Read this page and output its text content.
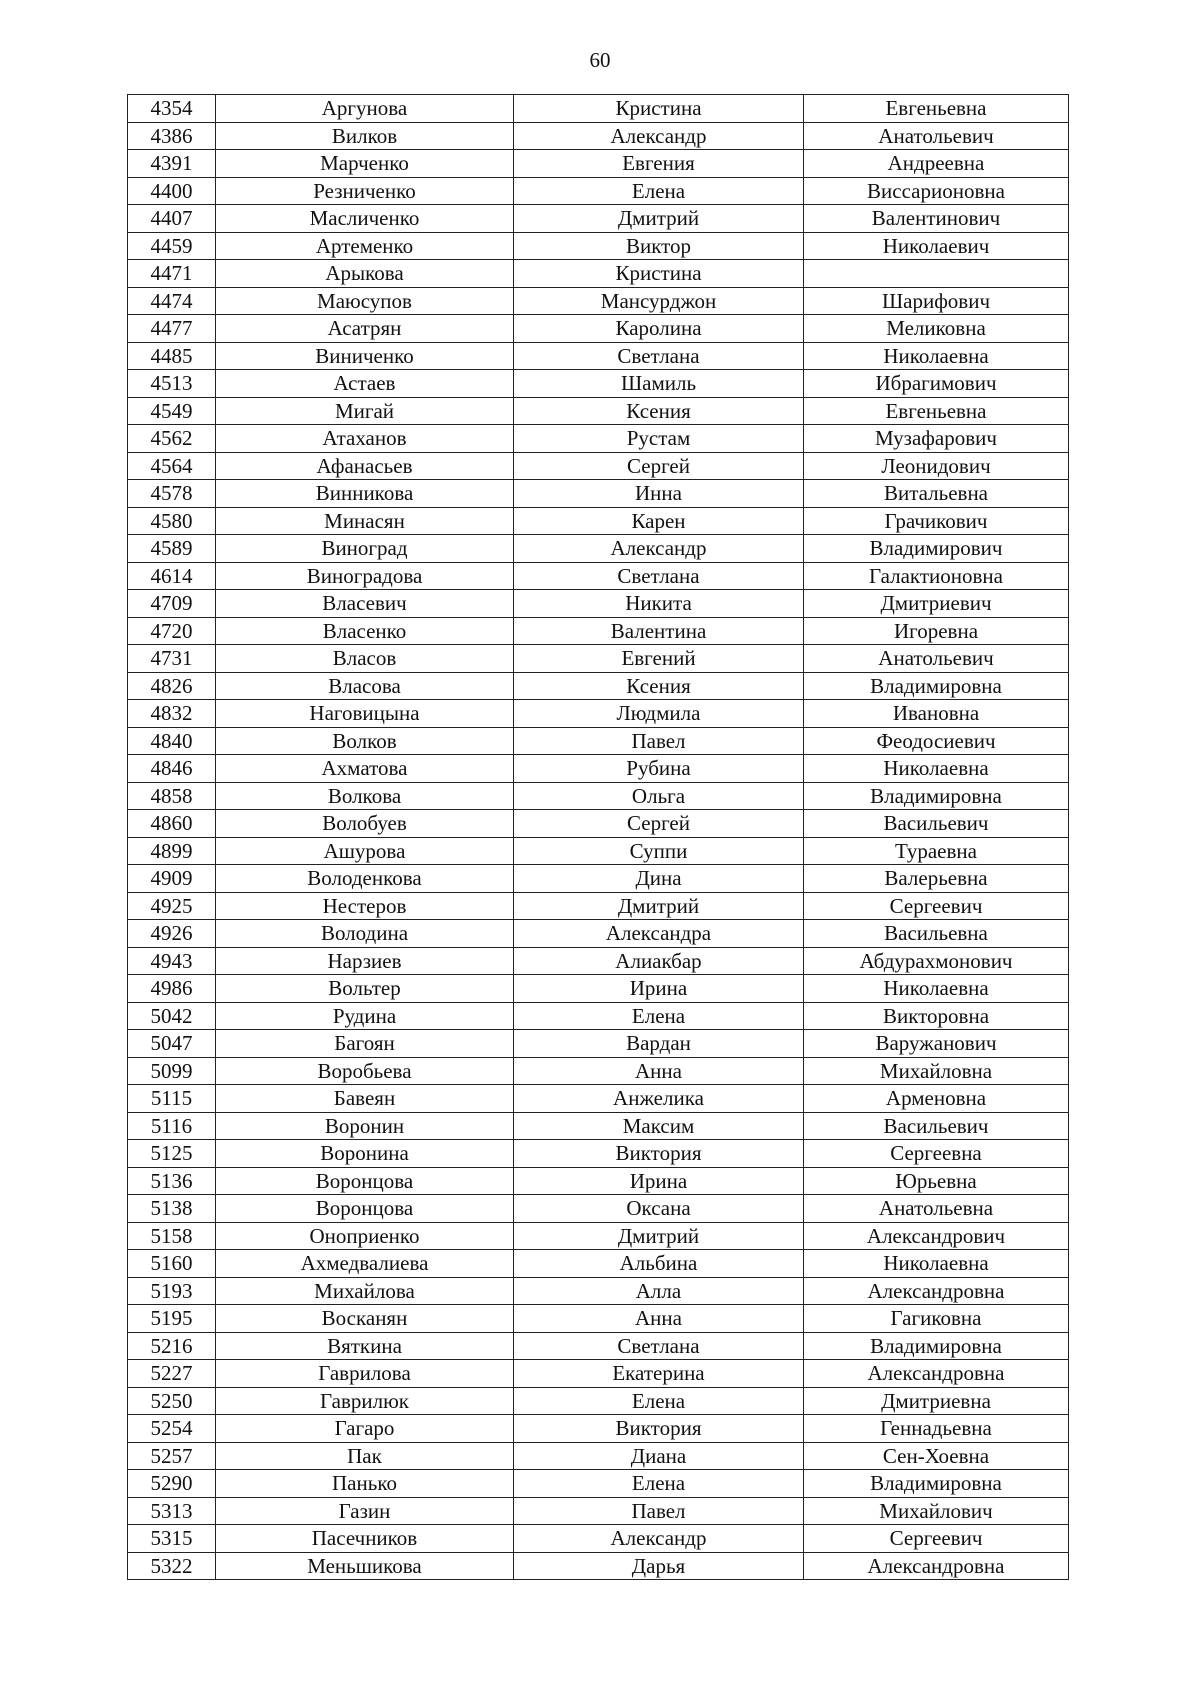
60
4354	Аргунова	Кристина	Евгеньевна
4386	Вилков	Александр	Анатольевич
4391	Марченко	Евгения	Андреевна
4400	Резниченко	Елена	Виссарионовна
4407	Масличенко	Дмитрий	Валентинович
4459	Артеменко	Виктор	Николаевич
4471	Арыкова	Кристина	
4474	Маюсупов	Мансурджон	Шарифович
4477	Асатрян	Каролина	Меликовна
4485	Виниченко	Светлана	Николаевна
4513	Астаев	Шамиль	Ибрагимович
4549	Мигай	Ксения	Евгеньевна
4562	Атаханов	Рустам	Музафарович
4564	Афанасьев	Сергей	Леонидович
4578	Винникова	Инна	Витальевна
4580	Минасян	Карен	Грачикович
4589	Виноград	Александр	Владимирович
4614	Виноградова	Светлана	Галактионовна
4709	Власевич	Никита	Дмитриевич
4720	Власенко	Валентина	Игоревна
4731	Власов	Евгений	Анатольевич
4826	Власова	Ксения	Владимировна
4832	Наговицына	Людмила	Ивановна
4840	Волков	Павел	Феодосиевич
4846	Ахматова	Рубина	Николаевна
4858	Волкова	Ольга	Владимировна
4860	Волобуев	Сергей	Васильевич
4899	Ашурова	Суппи	Тураевна
4909	Володенкова	Дина	Валерьевна
4925	Нестеров	Дмитрий	Сергеевич
4926	Володина	Александра	Васильевна
4943	Нарзиев	Алиакбар	Абдурахмонович
4986	Вольтер	Ирина	Николаевна
5042	Рудина	Елена	Викторовна
5047	Багоян	Вардан	Варужанович
5099	Воробьева	Анна	Михайловна
5115	Бавеян	Анжелика	Арменовна
5116	Воронин	Максим	Васильевич
5125	Воронина	Виктория	Сергеевна
5136	Воронцова	Ирина	Юрьевна
5138	Воронцова	Оксана	Анатольевна
5158	Оноприенко	Дмитрий	Александрович
5160	Ахмедвалиева	Альбина	Николаевна
5193	Михайлова	Алла	Александровна
5195	Восканян	Анна	Гагиковна
5216	Вяткина	Светлана	Владимировна
5227	Гаврилова	Екатерина	Александровна
5250	Гаврилюк	Елена	Дмитриевна
5254	Гагаро	Виктория	Геннадьевна
5257	Пак	Диана	Сен-Хоевна
5290	Панько	Елена	Владимировна
5313	Газин	Павел	Михайлович
5315	Пасечников	Александр	Сергеевич
5322	Меньшикова	Дарья	Александровна
